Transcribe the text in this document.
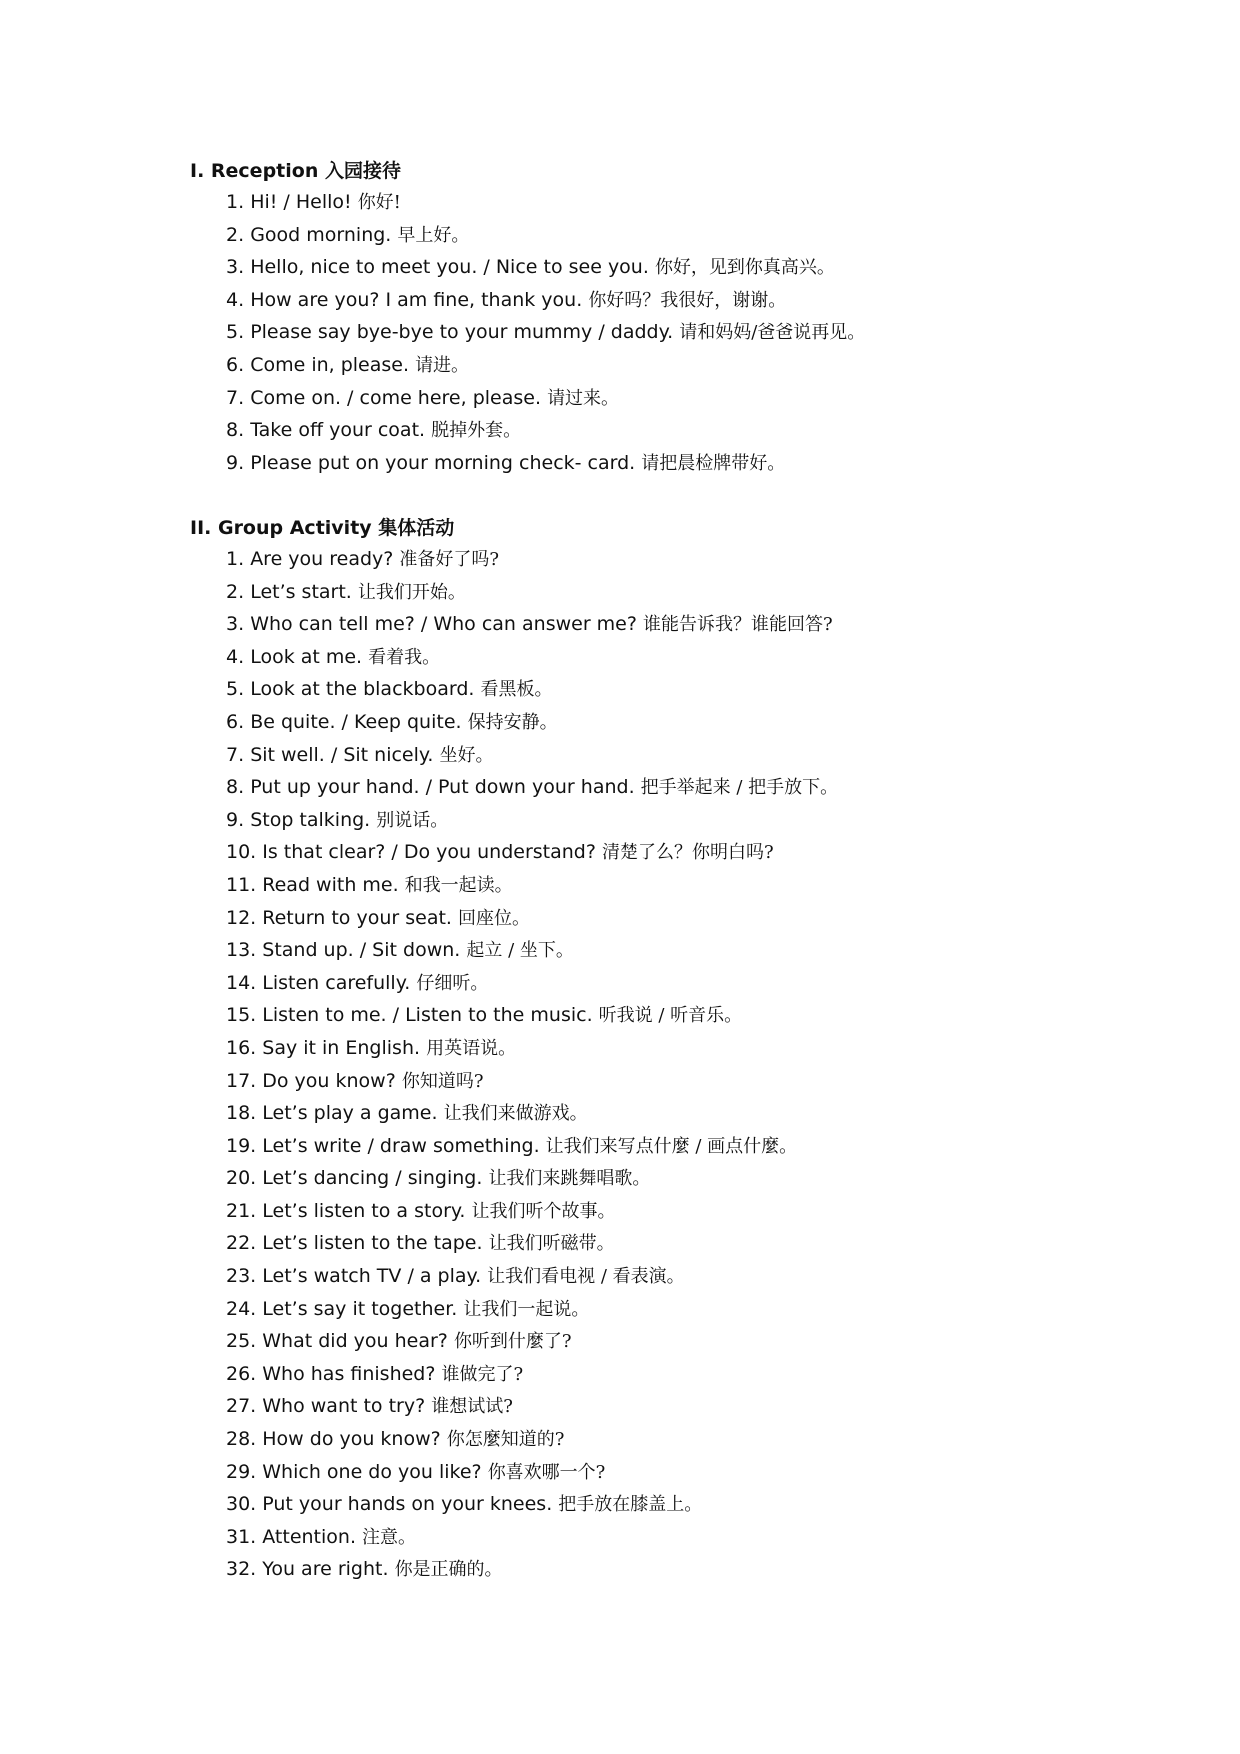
I. Reception 入园接待
1. Hi! / Hello! 你好!
2. Good morning. 早上好。
3. Hello, nice to meet you. / Nice to see you. 你好，见到你真高兴。
4. How are you? I am fine, thank you. 你好吗？我很好，谢谢。
5. Please say bye-bye to your mummy / daddy. 请和妈妈/爸爸说再见。
6. Come in, please. 请进。
7. Come on. / come here, please. 请过来。
8. Take off your coat. 脱掉外套。
9. Please put on your morning check- card. 请把晨检牌带好。
II. Group Activity 集体活动
1. Are you ready? 准备好了吗?
2. Let’s start. 让我们开始。
3. Who can tell me? / Who can answer me? 谁能告诉我？谁能回答?
4. Look at me. 看着我。
5. Look at the blackboard. 看黑板。
6. Be quite. / Keep quite. 保持安静。
7. Sit well. / Sit nicely. 坐好。
8. Put up your hand. / Put down your hand. 把手举起来 / 把手放下。
9. Stop talking. 别说话。
10. Is that clear? / Do you understand? 清楚了么？你明白吗?
11. Read with me. 和我一起读。
12. Return to your seat. 回座位。
13. Stand up. / Sit down. 起立 / 坐下。
14. Listen carefully. 仔细听。
15. Listen to me. / Listen to the music. 听我说 / 听音乐。
16. Say it in English. 用英语说。
17. Do you know? 你知道吗?
18. Let’s play a game. 让我们来做游戏。
19. Let’s write / draw something. 让我们来写点什麼 / 画点什麼。
20. Let’s dancing / singing. 让我们来跳舞唱歌。
21. Let’s listen to a story. 让我们听个故事。
22. Let’s listen to the tape. 让我们听磁带。
23. Let’s watch TV / a play. 让我们看电视 / 看表演。
24. Let’s say it together. 让我们一起说。
25. What did you hear? 你听到什麼了?
26. Who has finished? 谁做完了?
27. Who want to try? 谁想试试?
28. How do you know? 你怎麼知道的?
29. Which one do you like? 你喜欢哪一个?
30. Put your hands on your knees. 把手放在膝盖上。
31. Attention. 注意。
32. You are right. 你是正确的。
